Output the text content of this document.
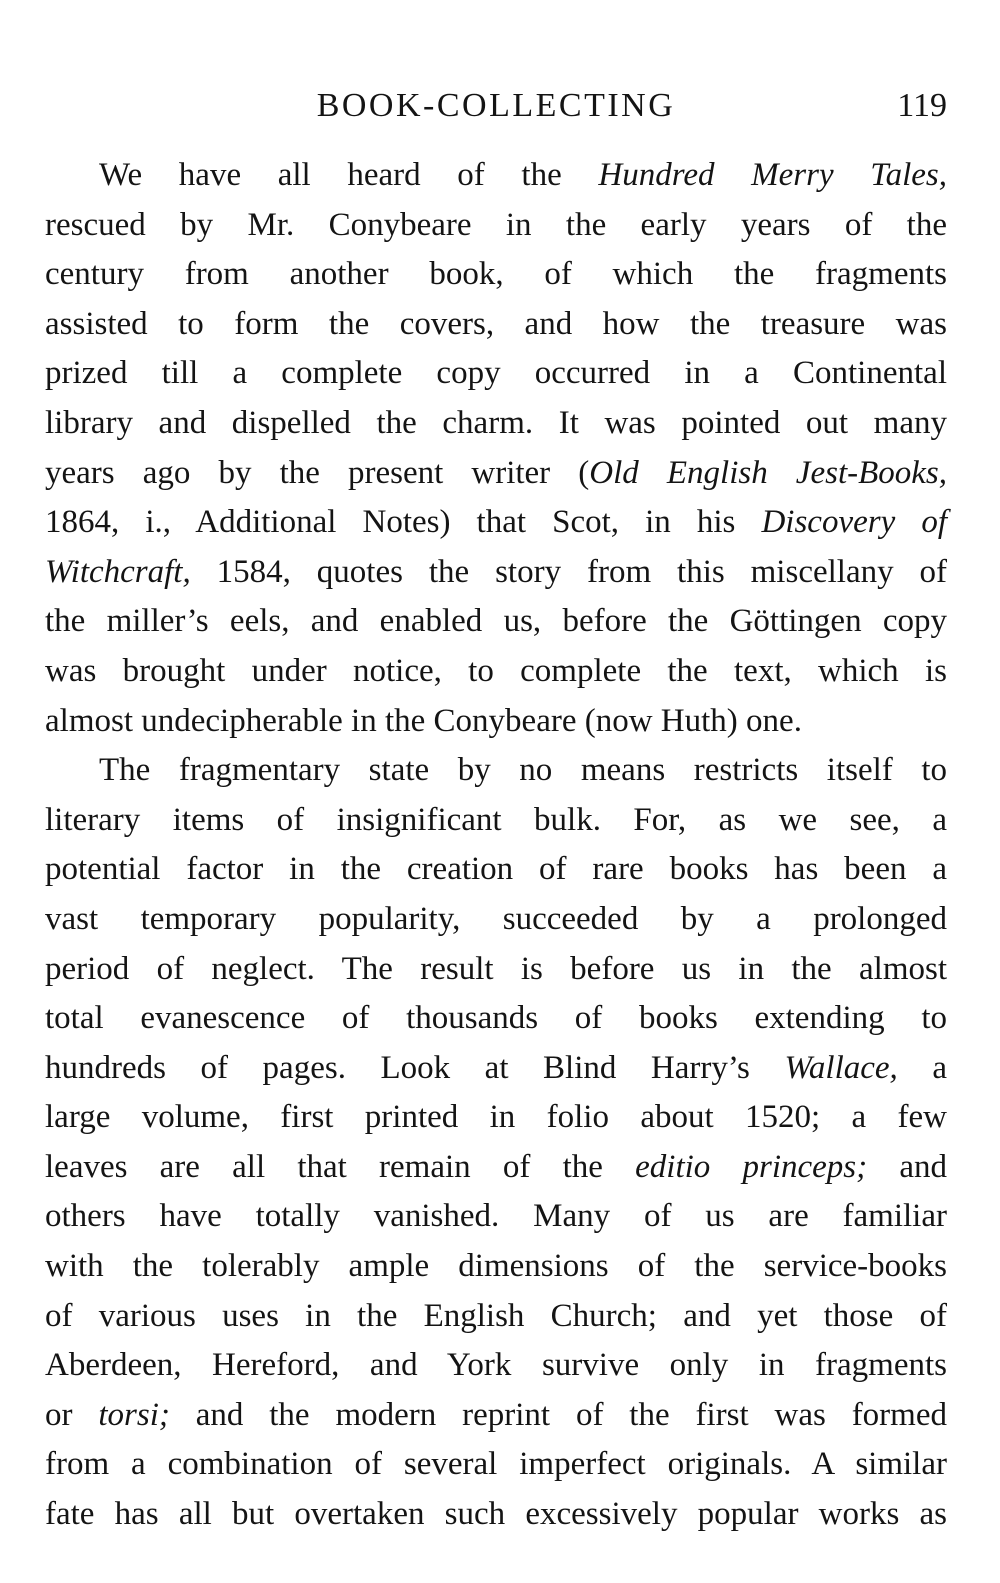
BOOK-COLLECTING	119
We have all heard of the Hundred Merry Tales,
rescued by Mr. Conybeare in the early years of the
century from another book, of which the fragments
assisted to form the covers, and how the treasure was
prized till a complete copy occurred in a Continental
library and dispelled the charm. It was pointed out many
years ago by the present writer (Old English Jest-Books,
1864, i., Additional Notes) that Scot, in his Discovery of
Witchcraft, 1584, quotes the story from this miscellany of
the miller’s eels, and enabled us, before the Göttingen copy
was brought under notice, to complete the text, which is
almost undecipherable in the Conybeare (now Huth) one.
The fragmentary state by no means restricts itself to
literary items of insignificant bulk. For, as we see, a
potential factor in the creation of rare books has been a
vast temporary popularity, succeeded by a prolonged
period of neglect. The result is before us in the almost
total evanescence of thousands of books extending to
hundreds of pages. Look at Blind Harry’s Wallace, a
large volume, first printed in folio about 1520; a few
leaves are all that remain of the editio princeps; and
others have totally vanished. Many of us are familiar
with the tolerably ample dimensions of the service-books
of various uses in the English Church; and yet those of
Aberdeen, Hereford, and York survive only in fragments
or torsi; and the modern reprint of the first was formed
from a combination of several imperfect originals. A similar
fate has all but overtaken such excessively popular works as
